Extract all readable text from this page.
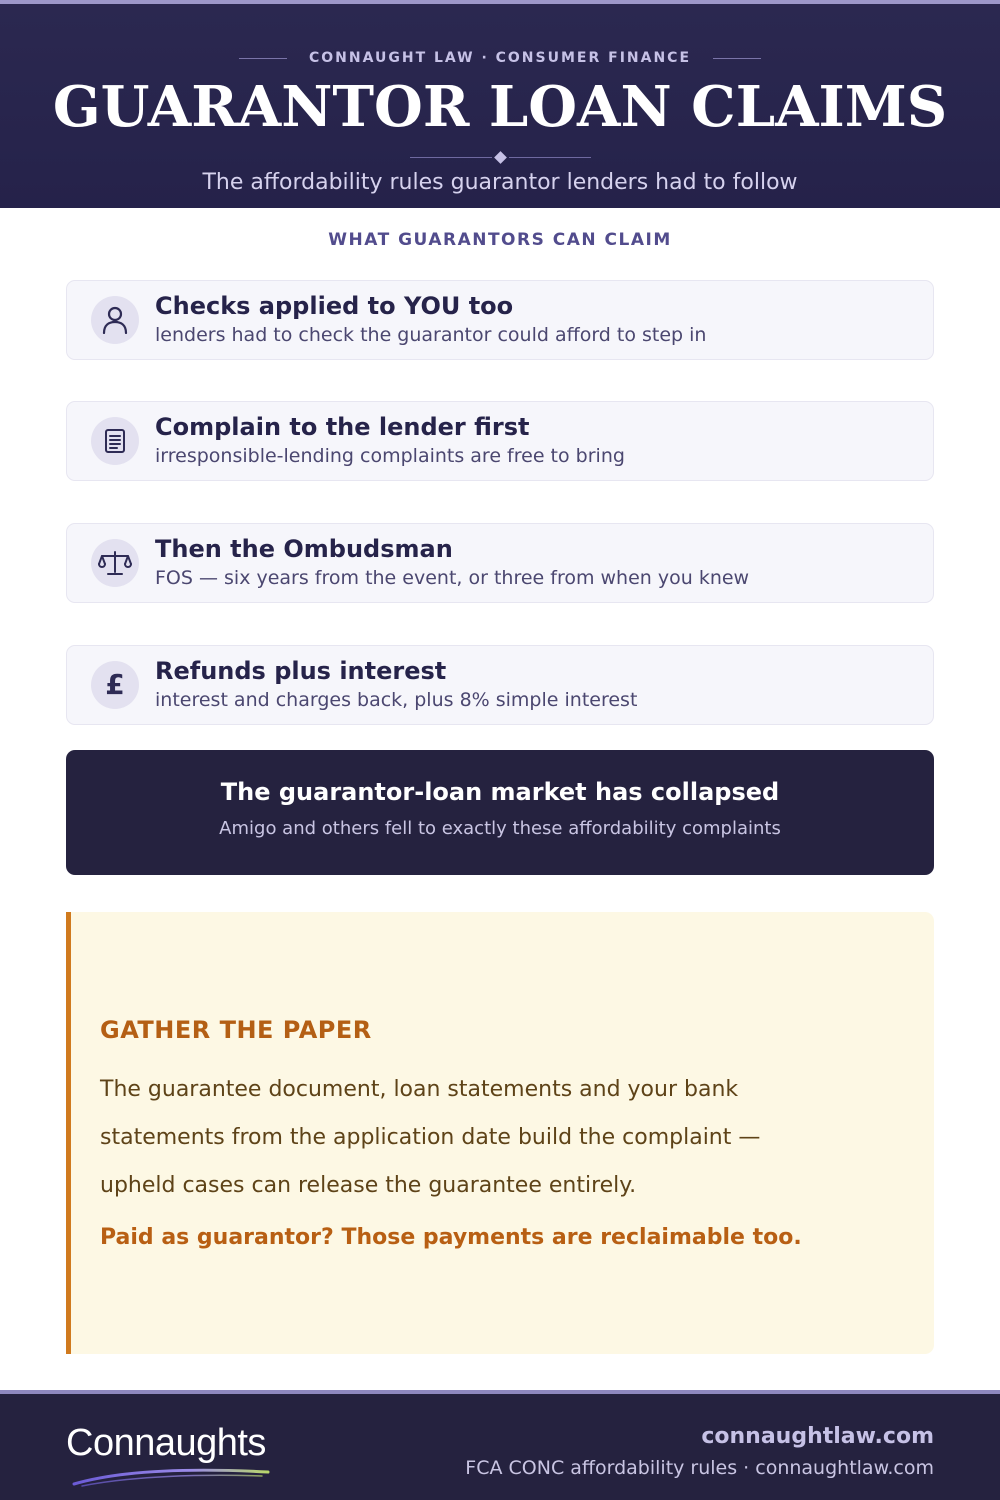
CONNAUGHT LAW · CONSUMER FINANCE
GUARANTOR LOAN CLAIMS
The affordability rules guarantor lenders had to follow
WHAT GUARANTORS CAN CLAIM
Checks applied to YOU too
lenders had to check the guarantor could afford to step in
Complain to the lender first
irresponsible-lending complaints are free to bring
Then the Ombudsman
FOS — six years from the event, or three from when you knew
£ Refunds plus interest
interest and charges back, plus 8% simple interest
The guarantor-loan market has collapsed
Amigo and others fell to exactly these affordability complaints
GATHER THE PAPER
The guarantee document, loan statements and your bank
statements from the application date build the complaint —
upheld cases can release the guarantee entirely.
Paid as guarantor? Those payments are reclaimable too.
Connaughts	connaughtlaw.com
FCA CONC affordability rules · connaughtlaw.com
